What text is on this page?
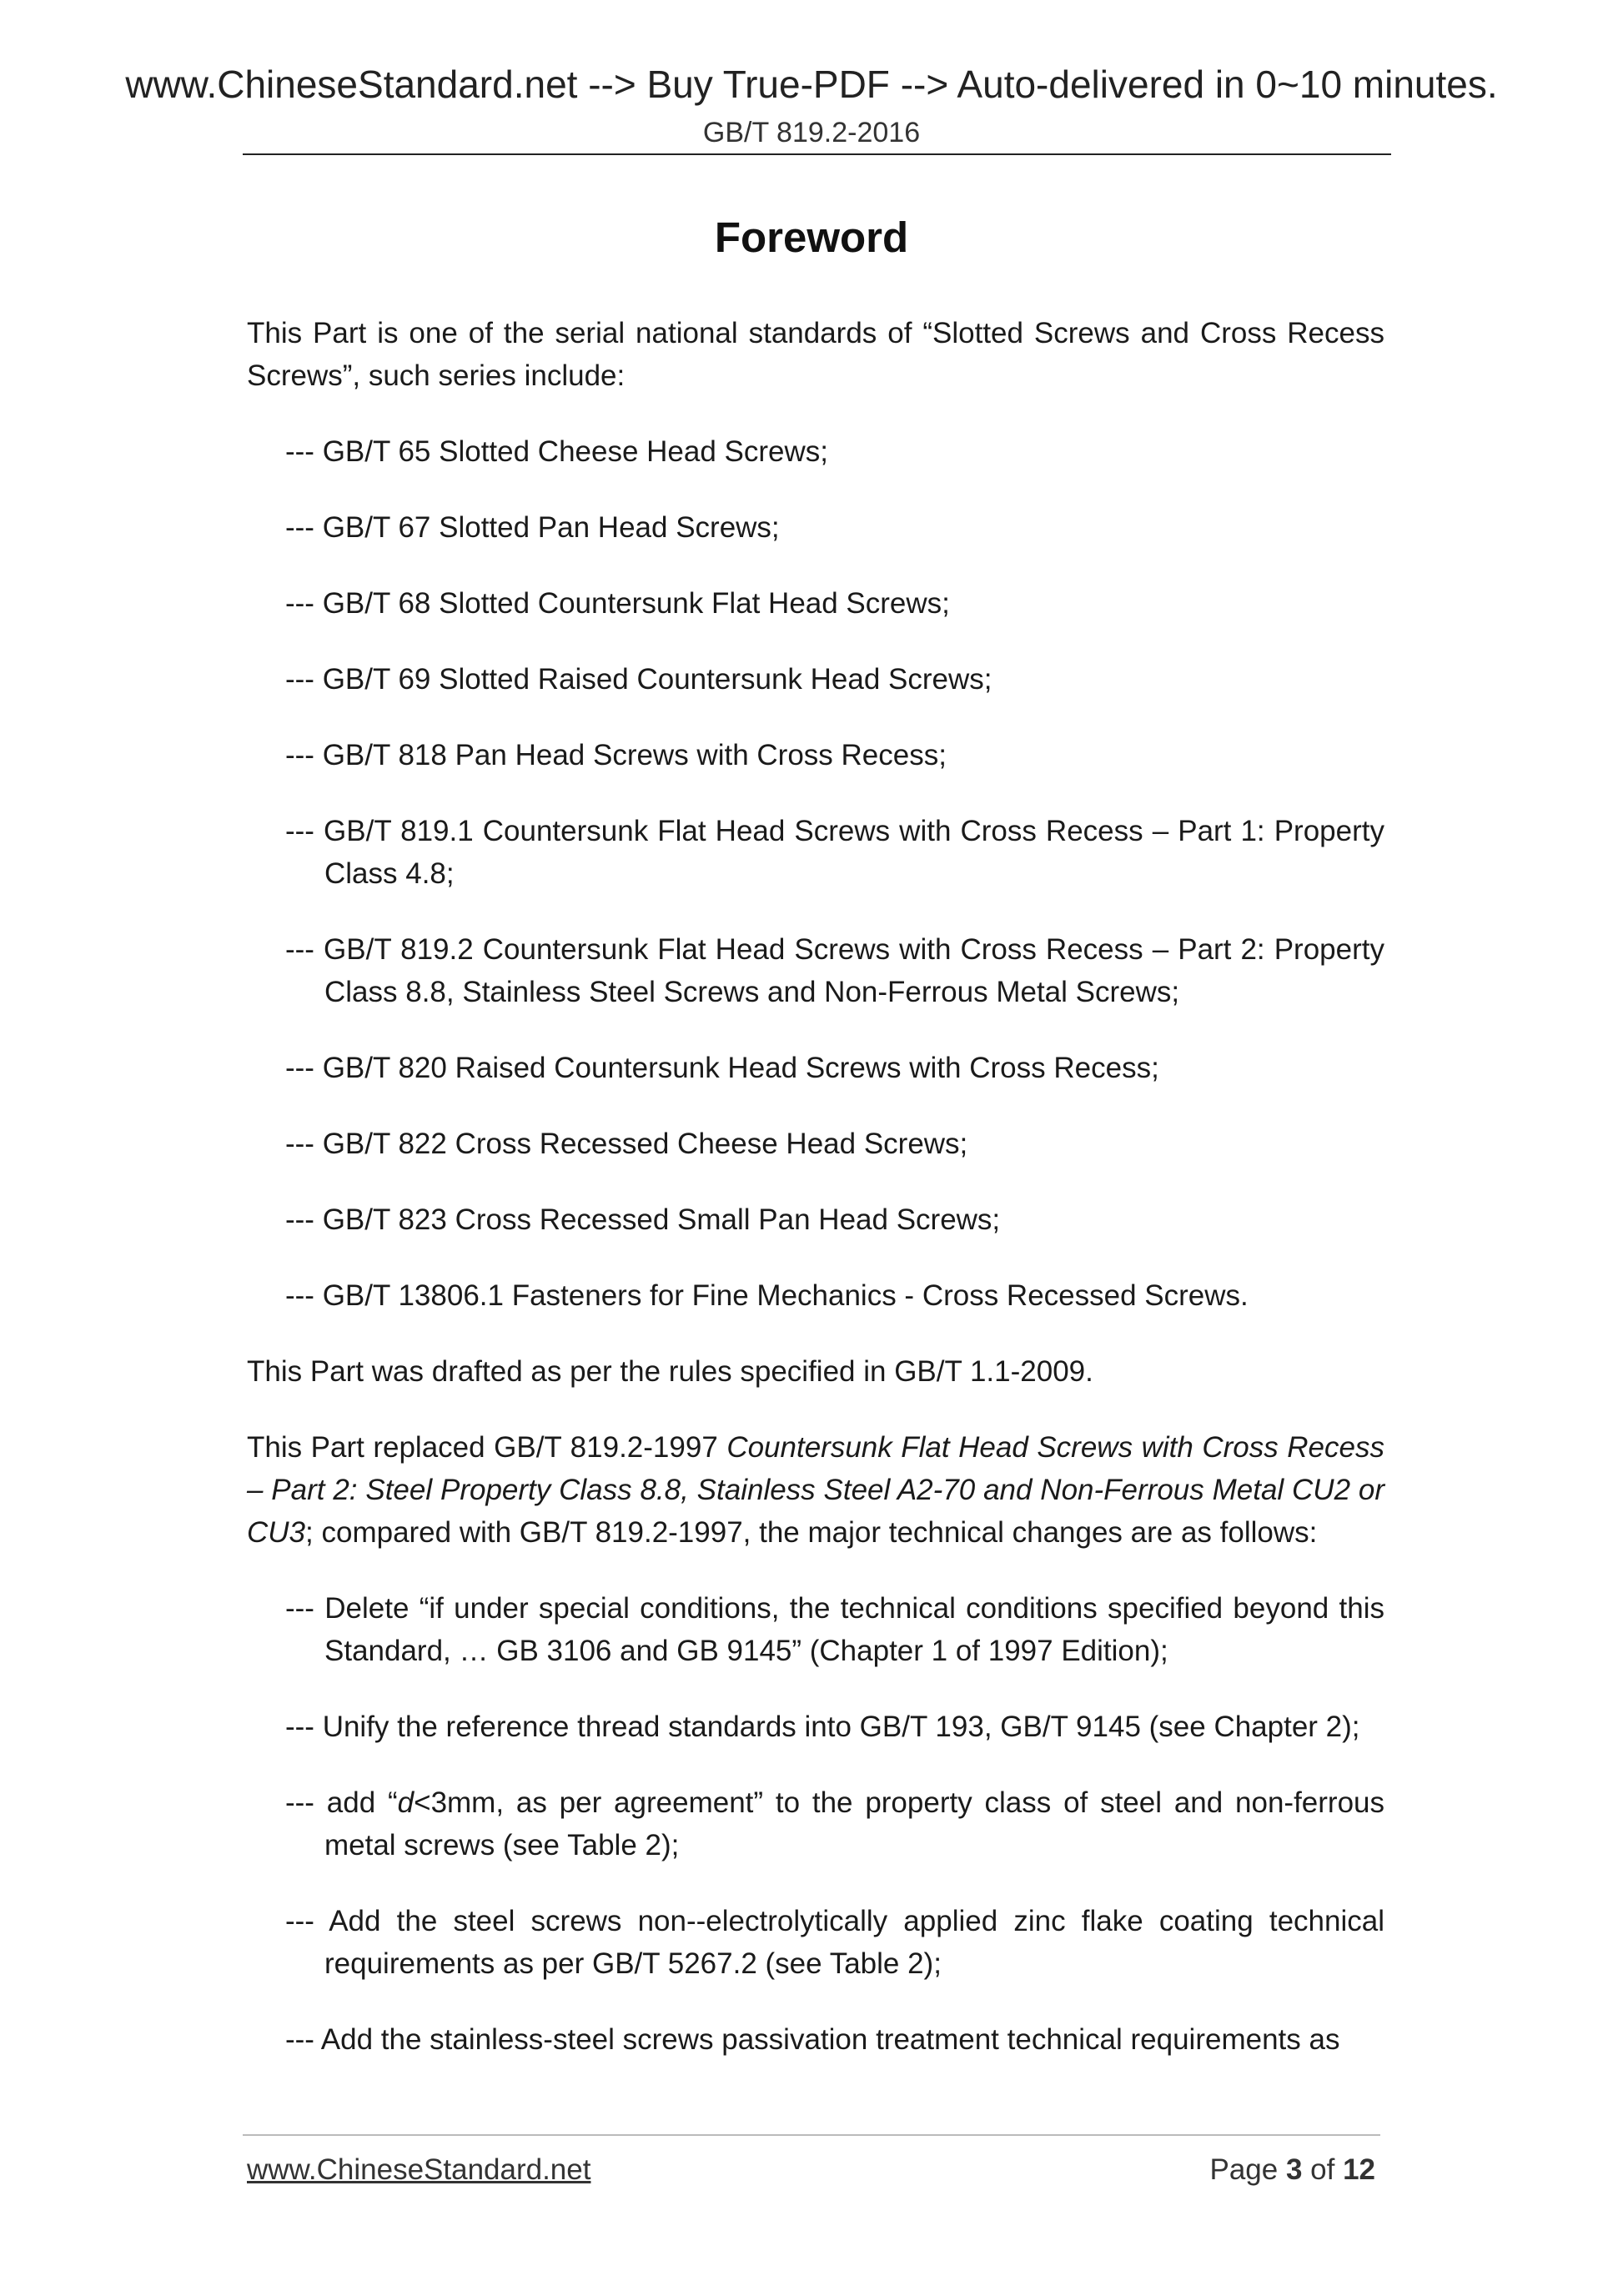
www.ChineseStandard.net --> Buy True-PDF --> Auto-delivered in 0~10 minutes.
GB/T 819.2-2016
Foreword

This Part is one of the serial national standards of “Slotted Screws and Cross Recess Screws”, such series include:

--- GB/T 65 Slotted Cheese Head Screws;

--- GB/T 67 Slotted Pan Head Screws;

--- GB/T 68 Slotted Countersunk Flat Head Screws;

--- GB/T 69 Slotted Raised Countersunk Head Screws;

--- GB/T 818 Pan Head Screws with Cross Recess;

--- GB/T 819.1 Countersunk Flat Head Screws with Cross Recess – Part 1: Property Class 4.8;

--- GB/T 819.2 Countersunk Flat Head Screws with Cross Recess – Part 2: Property Class 8.8, Stainless Steel Screws and Non-Ferrous Metal Screws;

--- GB/T 820 Raised Countersunk Head Screws with Cross Recess;

--- GB/T 822 Cross Recessed Cheese Head Screws;

--- GB/T 823 Cross Recessed Small Pan Head Screws;

--- GB/T 13806.1 Fasteners for Fine Mechanics - Cross Recessed Screws.

This Part was drafted as per the rules specified in GB/T 1.1-2009.

This Part replaced GB/T 819.2-1997 Countersunk Flat Head Screws with Cross Recess – Part 2: Steel Property Class 8.8, Stainless Steel A2-70 and Non-Ferrous Metal CU2 or CU3; compared with GB/T 819.2-1997, the major technical changes are as follows:

--- Delete “if under special conditions, the technical conditions specified beyond this Standard, … GB 3106 and GB 9145” (Chapter 1 of 1997 Edition);

--- Unify the reference thread standards into GB/T 193, GB/T 9145 (see Chapter 2);

--- add “d<3mm, as per agreement” to the property class of steel and non-ferrous metal screws (see Table 2);

--- Add the steel screws non--electrolytically applied zinc flake coating technical requirements as per GB/T 5267.2 (see Table 2);

--- Add the stainless-steel screws passivation treatment technical requirements as

www.ChineseStandard.net	Page 3 of 12
